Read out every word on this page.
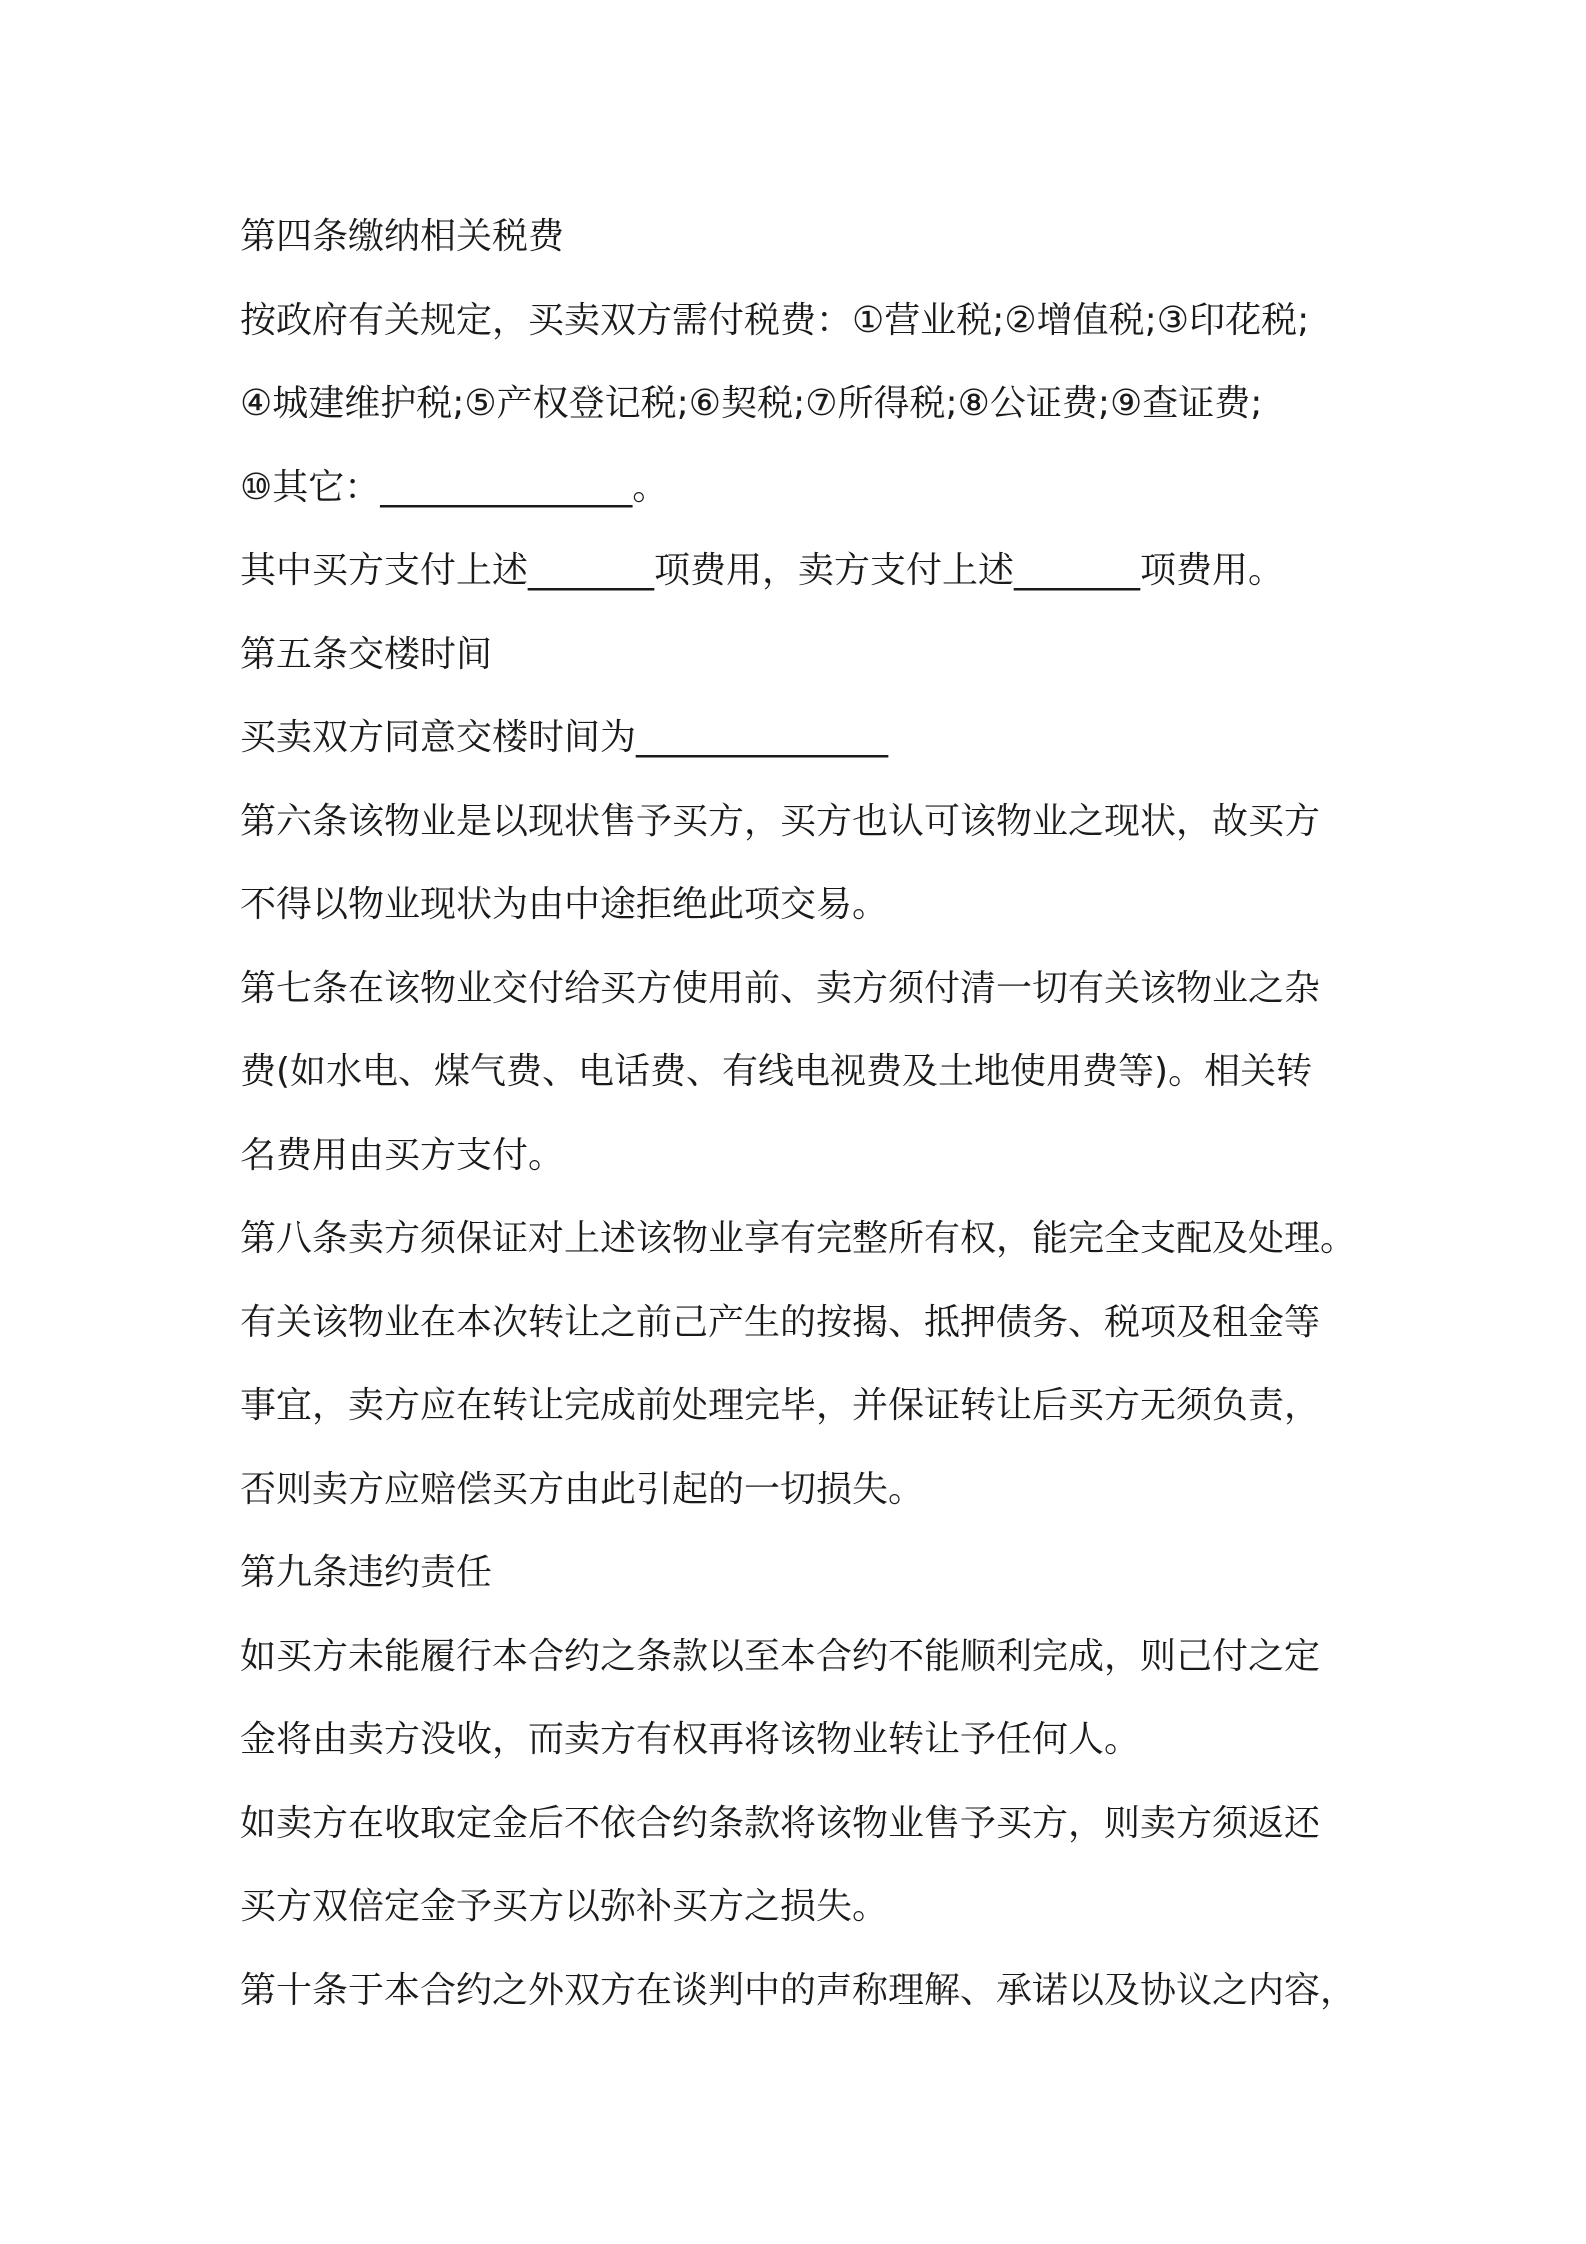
第四条缴纳相关税费
按政府有关规定，买卖双方需付税费：①营业税;②增值税;③印花税;
④城建维护税;⑤产权登记税;⑥契税;⑦所得税;⑧公证费;⑨查证费;
⑩其它：______________。
其中买方支付上述_______项费用，卖方支付上述_______项费用。
第五条交楼时间
买卖双方同意交楼时间为______________
第六条该物业是以现状售予买方，买方也认可该物业之现状，故买方
不得以物业现状为由中途拒绝此项交易。
第七条在该物业交付给买方使用前、卖方须付清一切有关该物业之杂
费(如水电、煤气费、电话费、有线电视费及土地使用费等)。相关转
名费用由买方支付。
第八条卖方须保证对上述该物业享有完整所有权，能完全支配及处理。
有关该物业在本次转让之前己产生的按揭、抵押债务、税项及租金等
事宜，卖方应在转让完成前处理完毕，并保证转让后买方无须负责，
否则卖方应赔偿买方由此引起的一切损失。
第九条违约责任
如买方未能履行本合约之条款以至本合约不能顺利完成，则己付之定
金将由卖方没收，而卖方有权再将该物业转让予任何人。
如卖方在收取定金后不依合约条款将该物业售予买方，则卖方须返还
买方双倍定金予买方以弥补买方之损失。
第十条于本合约之外双方在谈判中的声称理解、承诺以及协议之内容，
